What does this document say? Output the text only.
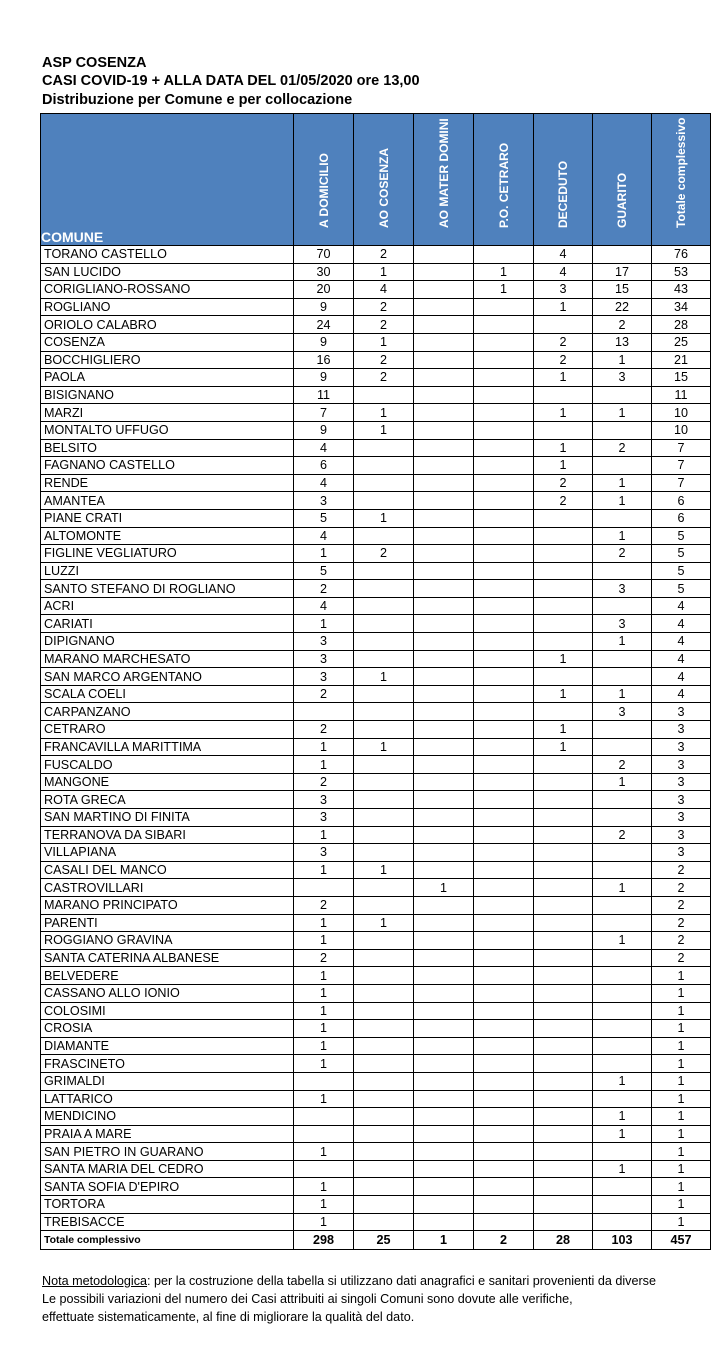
ASP COSENZA
CASI COVID-19 + ALLA DATA DEL 01/05/2020 ore 13,00
Distribuzione per Comune e per collocazione
COMUNE	A DOMICILIO	AO COSENZA	AO MATER DOMINI	P.O. CETRARO	DECEDUTO	GUARITO	Totale complessivo

TORANO CASTELLO	70	2			4		76
SAN LUCIDO	30	1		1	4	17	53
CORIGLIANO-ROSSANO	20	4		1	3	15	43
ROGLIANO	9	2			1	22	34
ORIOLO CALABRO	24	2				2	28
COSENZA	9	1			2	13	25
BOCCHIGLIERO	16	2			2	1	21
PAOLA	9	2			1	3	15
BISIGNANO	11						11
MARZI	7	1			1	1	10
MONTALTO UFFUGO	9	1					10
BELSITO	4				1	2	7
FAGNANO CASTELLO	6				1		7
RENDE	4				2	1	7
AMANTEA	3				2	1	6
PIANE CRATI	5	1					6
ALTOMONTE	4					1	5
FIGLINE VEGLIATURO	1	2				2	5
LUZZI	5						5
SANTO STEFANO DI ROGLIANO	2					3	5
ACRI	4						4
CARIATI	1					3	4
DIPIGNANO	3					1	4
MARANO MARCHESATO	3				1		4
SAN MARCO ARGENTANO	3	1					4
SCALA COELI	2				1	1	4
CARPANZANO						3	3
CETRARO	2				1		3
FRANCAVILLA MARITTIMA	1	1			1		3
FUSCALDO	1					2	3
MANGONE	2					1	3
ROTA GRECA	3						3
SAN MARTINO DI FINITA	3						3
TERRANOVA DA SIBARI	1					2	3
VILLAPIANA	3						3
CASALI DEL MANCO	1	1					2
CASTROVILLARI			1			1	2
MARANO PRINCIPATO	2						2
PARENTI	1	1					2
ROGGIANO GRAVINA	1					1	2
SANTA CATERINA ALBANESE	2						2
BELVEDERE	1						1
CASSANO ALLO IONIO	1						1
COLOSIMI	1						1
CROSIA	1						1
DIAMANTE	1						1
FRASCINETO	1						1
GRIMALDI						1	1
LATTARICO	1						1
MENDICINO						1	1
PRAIA A MARE						1	1
SAN PIETRO IN GUARANO	1						1
SANTA MARIA DEL CEDRO						1	1
SANTA SOFIA D'EPIRO	1						1
TORTORA	1						1
TREBISACCE	1						1
Totale complessivo	298	25	1	2	28	103	457
Nota metodologica: per la costruzione della tabella si utilizzano dati anagrafici e sanitari provenienti da diverse
Le possibili variazioni del numero dei Casi attribuiti ai singoli Comuni sono dovute alle verifiche,
effettuate sistematicamente, al fine di migliorare la qualità del dato.
